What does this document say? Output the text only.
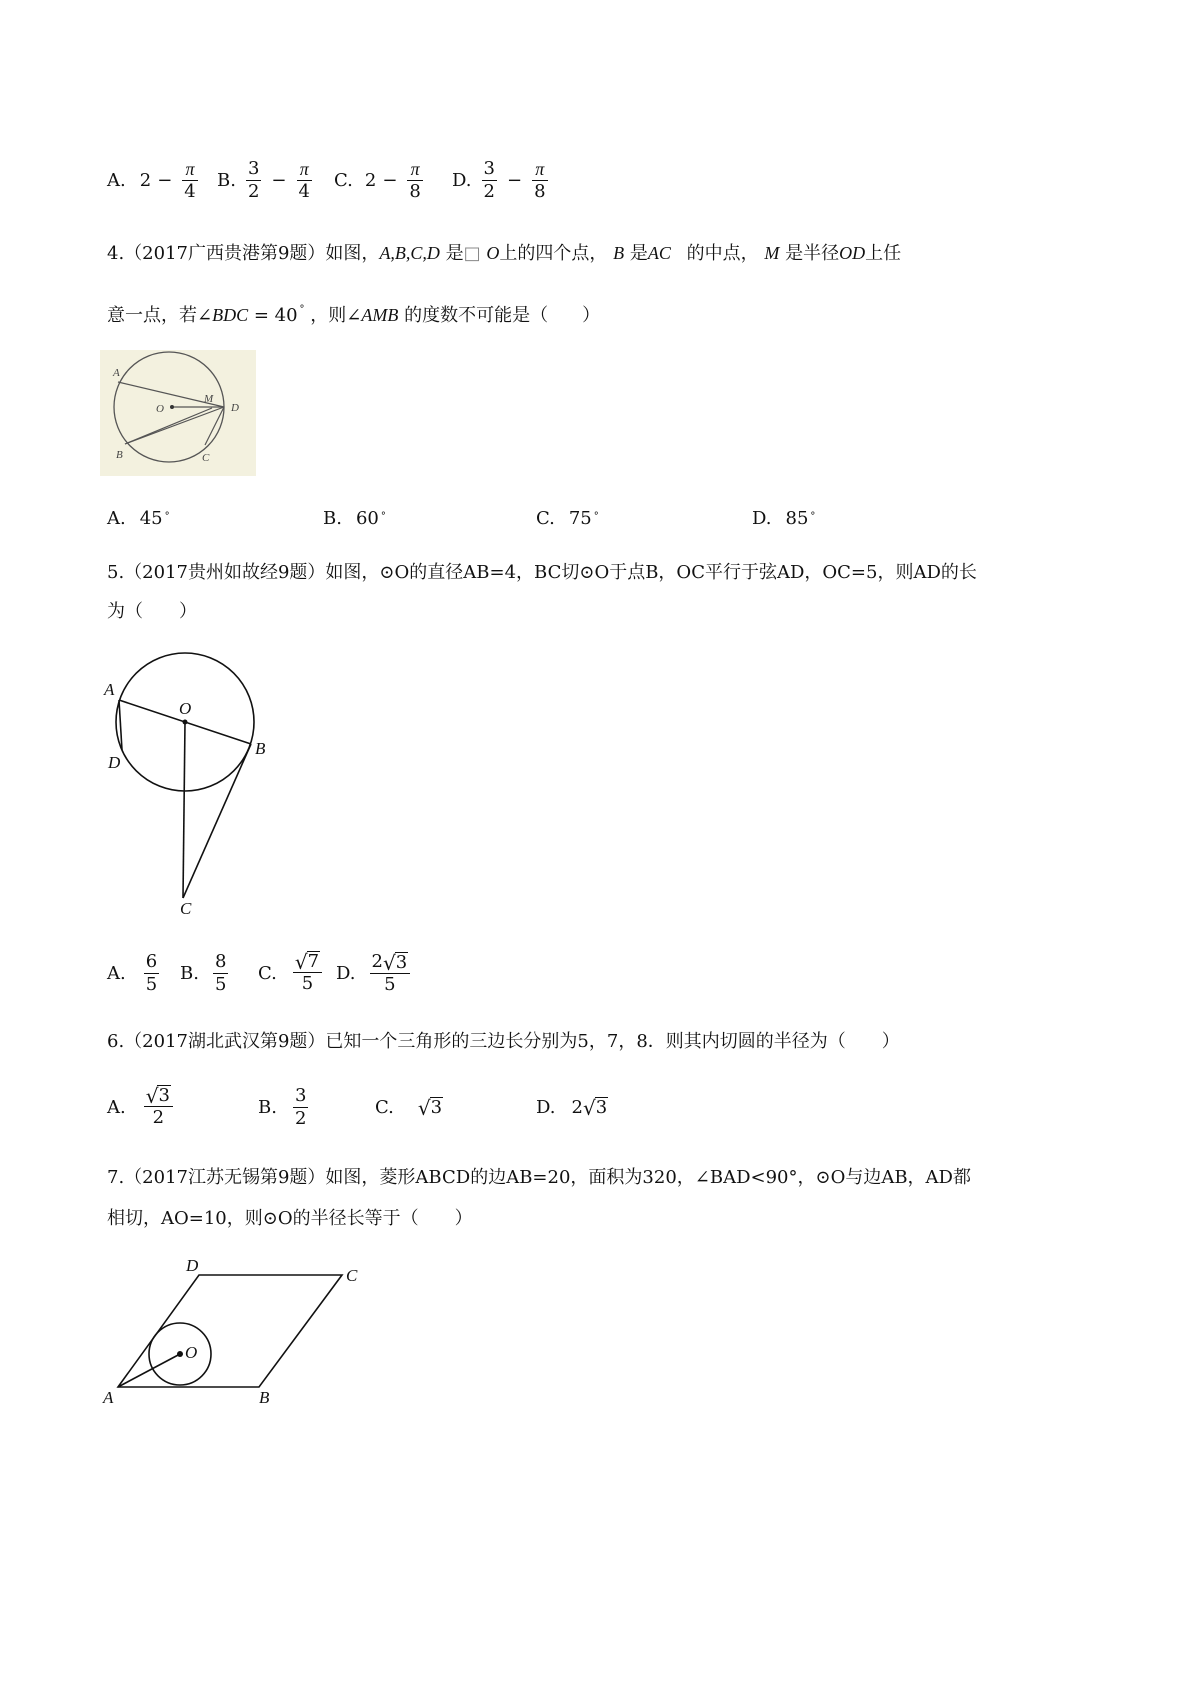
A. $2 - \frac{\pi}{4} B$. $\frac{3}{2} - \frac{\pi}{4} C$. $2 - \frac{\pi}{8} D$. $\frac{3}{2} - \frac{\pi}{8}$
4.（2017广西贵港第9题）如图，A,B,C,D 是□ O上的四个点， B 是AC 的中点， M 是半径OD上任
意一点，若∠BDC = 40 ° ，则∠AMB 的度数不可能是（ ）
A
O
M
D
B	C
A. 45 °	B. 60 °	C. 75 °	D. 85 °
5.（2017贵州如故经9题）如图，⊙O的直径AB=4，BC切⊙O于点B，OC平行于弦AD，OC=5，则AD的长
为（　　）
A
O
B
D
C
A. $\frac{6}{5} B$. $\frac{8}{5} C$. $\frac{√ 7}{5} D$. $\frac{2 √ 3}{5}$
6.（2017湖北武汉第9题）已知一个三角形的三边长分别为5，7，8．则其内切圆的半径为（　　）
A. $\frac{√ 3}{2}$	B. $\frac{3}{2}$	C. √ 3	D. 2 √ 3
7.（2017江苏无锡第9题）如图，菱形ABCD的边AB=20，面积为320，∠BAD<90°，⊙O与边AB，AD都
相切，AO=10，则⊙O的半径长等于（　　）
D
C
O
A	B
